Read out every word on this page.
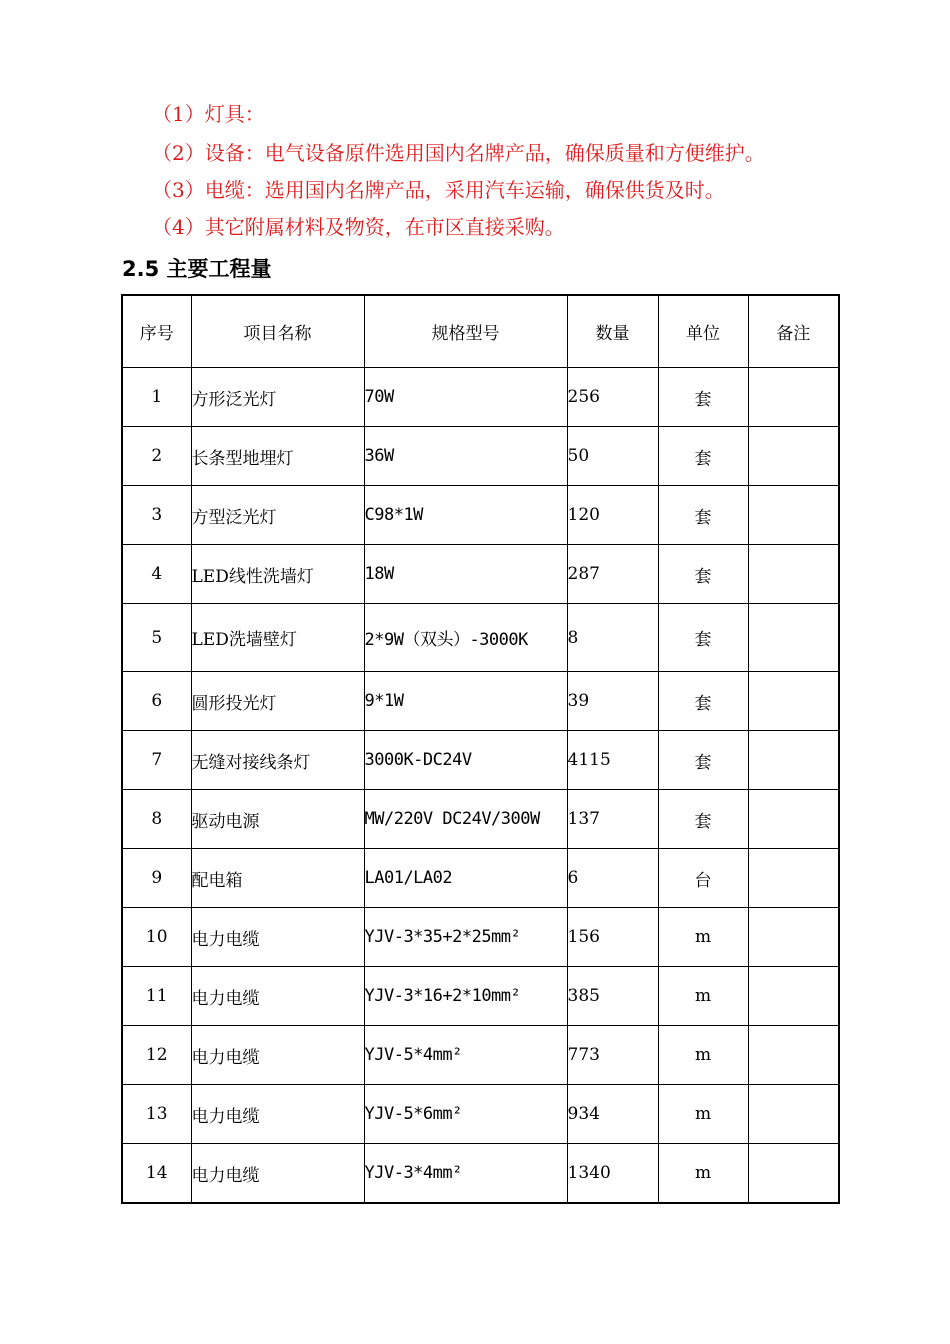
（1）灯具：
（2）设备：电气设备原件选用国内名牌产品，确保质量和方便维护。
（3）电缆：选用国内名牌产品，采用汽车运输，确保供货及时。
（4）其它附属材料及物资，在市区直接采购。
2.5 主要工程量
序号	项目名称	规格型号	数量	单位	备注
1	方形泛光灯	70W	256	套	
2	长条型地埋灯	36W	50	套	
3	方型泛光灯	C98*1W	120	套	
4	LED线性洗墙灯	18W	287	套	
5	LED洗墙壁灯	2*9W（双头）-3000K	8	套	
6	圆形投光灯	9*1W	39	套	
7	无缝对接线条灯	3000K-DC24V	4115	套	
8	驱动电源	MW/220V DC24V/300W	137	套	
9	配电箱	LA01/LA02	6	台	
10	电力电缆	YJV-3*35+2*25mm²	156	m	
11	电力电缆	YJV-3*16+2*10mm²	385	m	
12	电力电缆	YJV-5*4mm²	773	m	
13	电力电缆	YJV-5*6mm²	934	m	
14	电力电缆	YJV-3*4mm²	1340	m	
